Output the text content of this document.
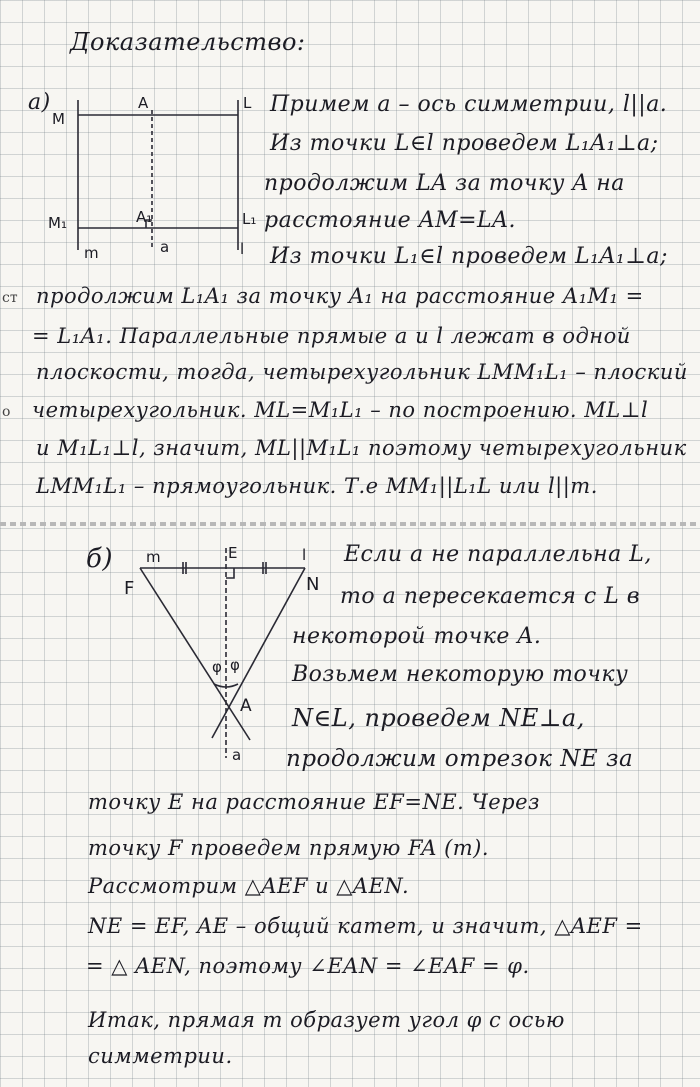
Доказательство:
а)
M
A	L
M₁	A₁	L₁
m	a	l
Примем а – ось симметрии, l||a.
Из точки L∈l проведем L₁A₁⊥a;
продолжим LA за точку A на
расстояние AM=LA.
Из точки L₁∈l проведем L₁A₁⊥a;
ст продолжим L₁A₁ за точку A₁ на расстояние A₁M₁ =
= L₁A₁. Параллельные прямые а и l лежат в одной
плоскости, тогда, четырехугольник LMM₁L₁ – плоский
о четырехугольник. ML=M₁L₁ – по построению. ML⊥l
и M₁L₁⊥l, значит, ML||M₁L₁ поэтому четырехугольник
LMM₁L₁ – прямоугольник. Т.е MM₁||L₁L или l||m.
б) m	E	l
F	N
φ φ
A
a
Если а не параллельна L,
то а пересекается с L в
некоторой точке A.
Возьмем некоторую точку
N∈L, проведем NE⊥a,
продолжим отрезок NE за
точку E на расстояние EF=NE. Через
точку F проведем прямую FA (m).
Рассмотрим △AEF и △AEN.
NE = EF, AE – общий катет, и значит, △AEF =
= △ AEN, поэтому ∠EAN = ∠EAF = φ.
Итак, прямая m образует угол φ с осью
симметрии.
